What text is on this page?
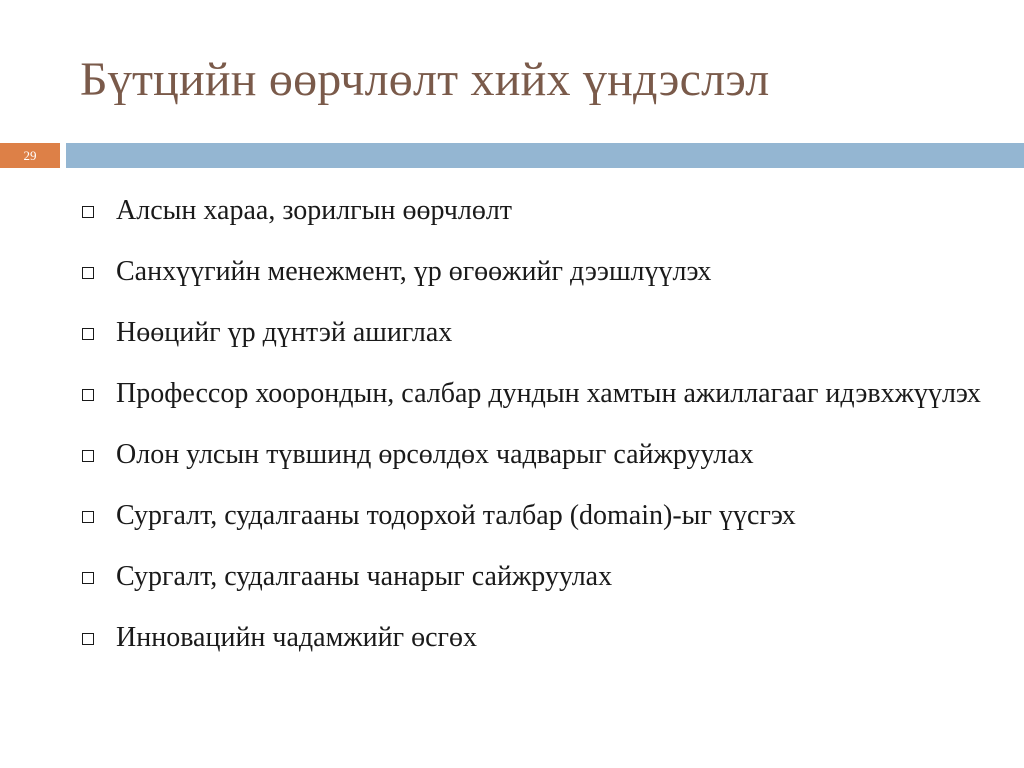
Бүтцийн өөрчлөлт хийх үндэслэл
29
Алсын хараа, зорилгын өөрчлөлт
Санхүүгийн менежмент, үр өгөөжийг дээшлүүлэх
Нөөцийг үр дүнтэй ашиглах
Профессор хоорондын, салбар дундын хамтын ажиллагааг идэвхжүүлэх
Олон улсын түвшинд өрсөлдөх чадварыг сайжруулах
Сургалт, судалгааны тодорхой талбар (domain)-ыг үүсгэх
Сургалт, судалгааны чанарыг сайжруулах
Инновацийн чадамжийг өсгөх
